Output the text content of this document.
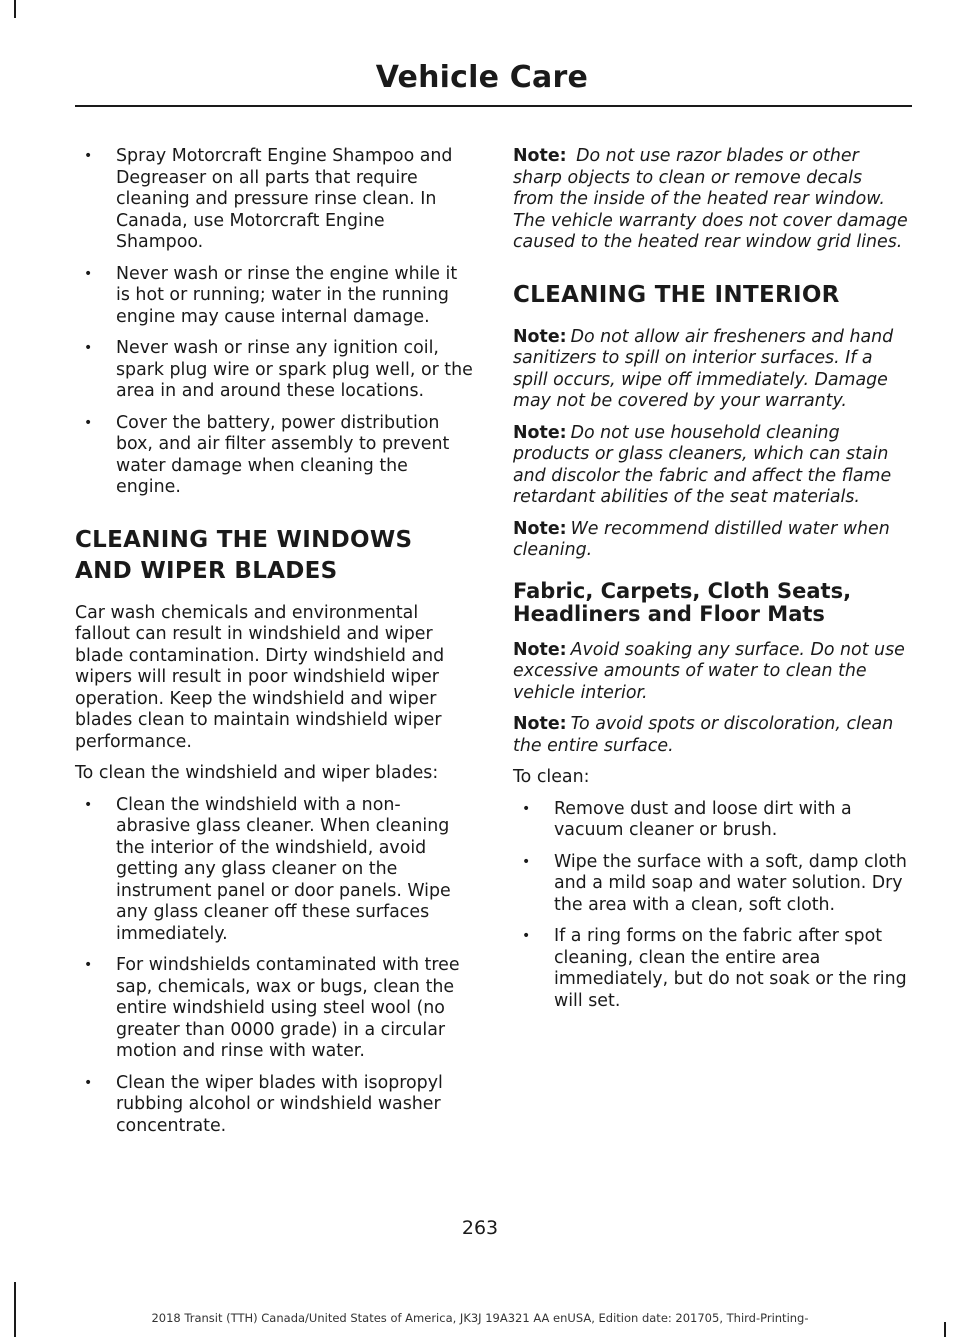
Vehicle Care
• Spray Motorcraft Engine Shampoo and Degreaser on all parts that require cleaning and pressure rinse clean. In Canada, use Motorcraft Engine Shampoo.
• Never wash or rinse the engine while it is hot or running; water in the running engine may cause internal damage.
• Never wash or rinse any ignition coil, spark plug wire or spark plug well, or the area in and around these locations.
• Cover the battery, power distribution box, and air filter assembly to prevent water damage when cleaning the engine.
CLEANING THE WINDOWS AND WIPER BLADES

Car wash chemicals and environmental fallout can result in windshield and wiper blade contamination. Dirty windshield and wipers will result in poor windshield wiper operation. Keep the windshield and wiper blades clean to maintain windshield wiper performance.

To clean the windshield and wiper blades:

• Clean the windshield with a non-abrasive glass cleaner. When cleaning the interior of the windshield, avoid getting any glass cleaner on the instrument panel or door panels. Wipe any glass cleaner off these surfaces immediately.
• For windshields contaminated with tree sap, chemicals, wax or bugs, clean the entire windshield using steel wool (no greater than 0000 grade) in a circular motion and rinse with water.
• Clean the wiper blades with isopropyl rubbing alcohol or windshield washer concentrate.

Note: Do not use razor blades or other sharp objects to clean or remove decals from the inside of the heated rear window. The vehicle warranty does not cover damage caused to the heated rear window grid lines.

CLEANING THE INTERIOR

Note: Do not allow air fresheners and hand sanitizers to spill on interior surfaces. If a spill occurs, wipe off immediately. Damage may not be covered by your warranty.

Note: Do not use household cleaning products or glass cleaners, which can stain and discolor the fabric and affect the flame retardant abilities of the seat materials.

Note: We recommend distilled water when cleaning.

Fabric, Carpets, Cloth Seats, Headliners and Floor Mats

Note: Avoid soaking any surface. Do not use excessive amounts of water to clean the vehicle interior.

Note: To avoid spots or discoloration, clean the entire surface.

To clean:

• Remove dust and loose dirt with a vacuum cleaner or brush.
• Wipe the surface with a soft, damp cloth and a mild soap and water solution. Dry the area with a clean, soft cloth.
• If a ring forms on the fabric after spot cleaning, clean the entire area immediately, but do not soak or the ring will set.
263
2018 Transit (TTH) Canada/United States of America, JK3J 19A321 AA enUSA, Edition date: 201705, Third-Printing-
